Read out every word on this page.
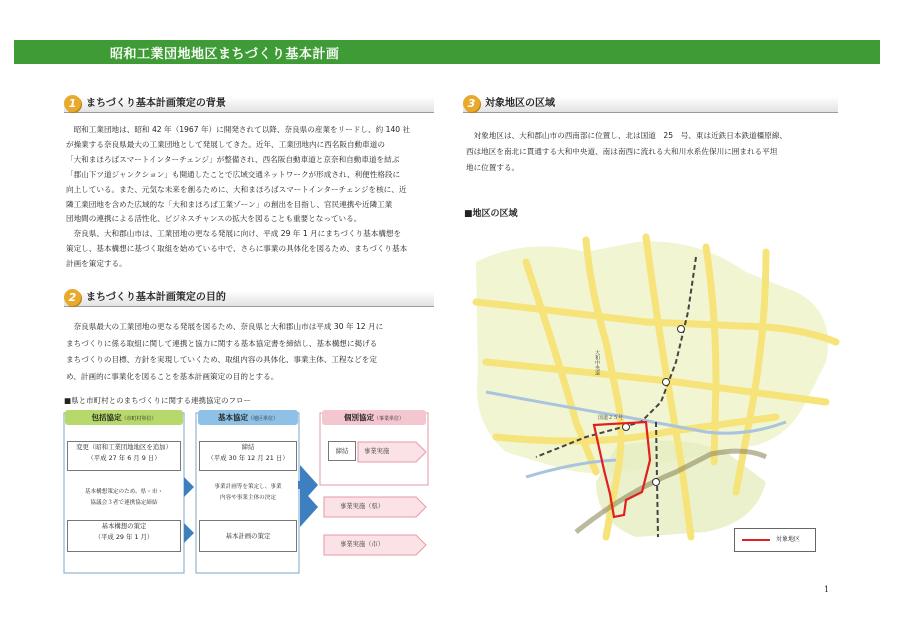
昭和工業団地地区まちづくり基本計画
1 まちづくり基本計画策定の背景

　昭和工業団地は、昭和 42 年（1967 年）に開発されて以降、奈良県の産業をリードし、約 140 社

が操業する奈良県最大の工業団地として発展してきた。近年、工業団地内に西名阪自動車道の

「大和まほろばスマートインターチェンジ」が整備され、西名阪自動車道と京奈和自動車道を結ぶ

「郡山下ツ道ジャンクション」も開通したことで広域交通ネットワークが形成され、利便性格段に

向上している。また、元気な未来を創るために、大和まほろばスマートインターチェンジを核に、近

隣工業団地を含めた広域的な「大和まほろば工業ゾーン」の創出を目指し、官民連携や近隣工業

団地間の連携による活性化、ビジネスチャンスの拡大を図ることも重要となっている。

　奈良県、大和郡山市は、工業団地の更なる発展に向け、平成 29 年 1 月にまちづくり基本構想を

策定し、基本構想に基づく取組を始めている中で、さらに事業の具体化を図るため、まちづくり基本

計画を策定する。

2 まちづくり基本計画策定の目的

　奈良県最大の工業団地の更なる発展を図るため、奈良県と大和郡山市は平成 30 年 12 月に

まちづくりに係る取組に関して連携と協力に関する基本協定書を締結し、基本構想に掲げる

まちづくりの目標、方針を実現していくため、取組内容の具体化、事業主体、工程などを定

め、計画的に事業化を図ることを基本計画策定の目的とする。

■県と市町村とのまちづくりに関する連携協定のフロー
包括協定（市町村単位）
変更（昭和工業団地地区を追加）
（平成 27 年 6 月 9 日）
基本構想策定のため、県・市・
協議会３者で連携協定締結
基本構想の策定
（平成 29 年 1 月）
基本協定（地区単位）
締結
（平成 30 年 12 月 21 日）
事業計画等を策定し、事業
内容や事業主体の決定
基本計画の策定
個別協定（事業単位）
締結	事業実施
事業実施（県）
事業実施（市）
3 対象地区の区域

　対象地区は、大和郡山市の西南部に位置し、北は国道　25　号、東は近鉄日本鉄道橿原線、

西は地区を南北に貫通する大和中央道、南は南西に流れる大和川水系佐保川に囲まれる平坦

地に位置する。

■地区の区域
大和中央道
国道２５号
対象地区
1
